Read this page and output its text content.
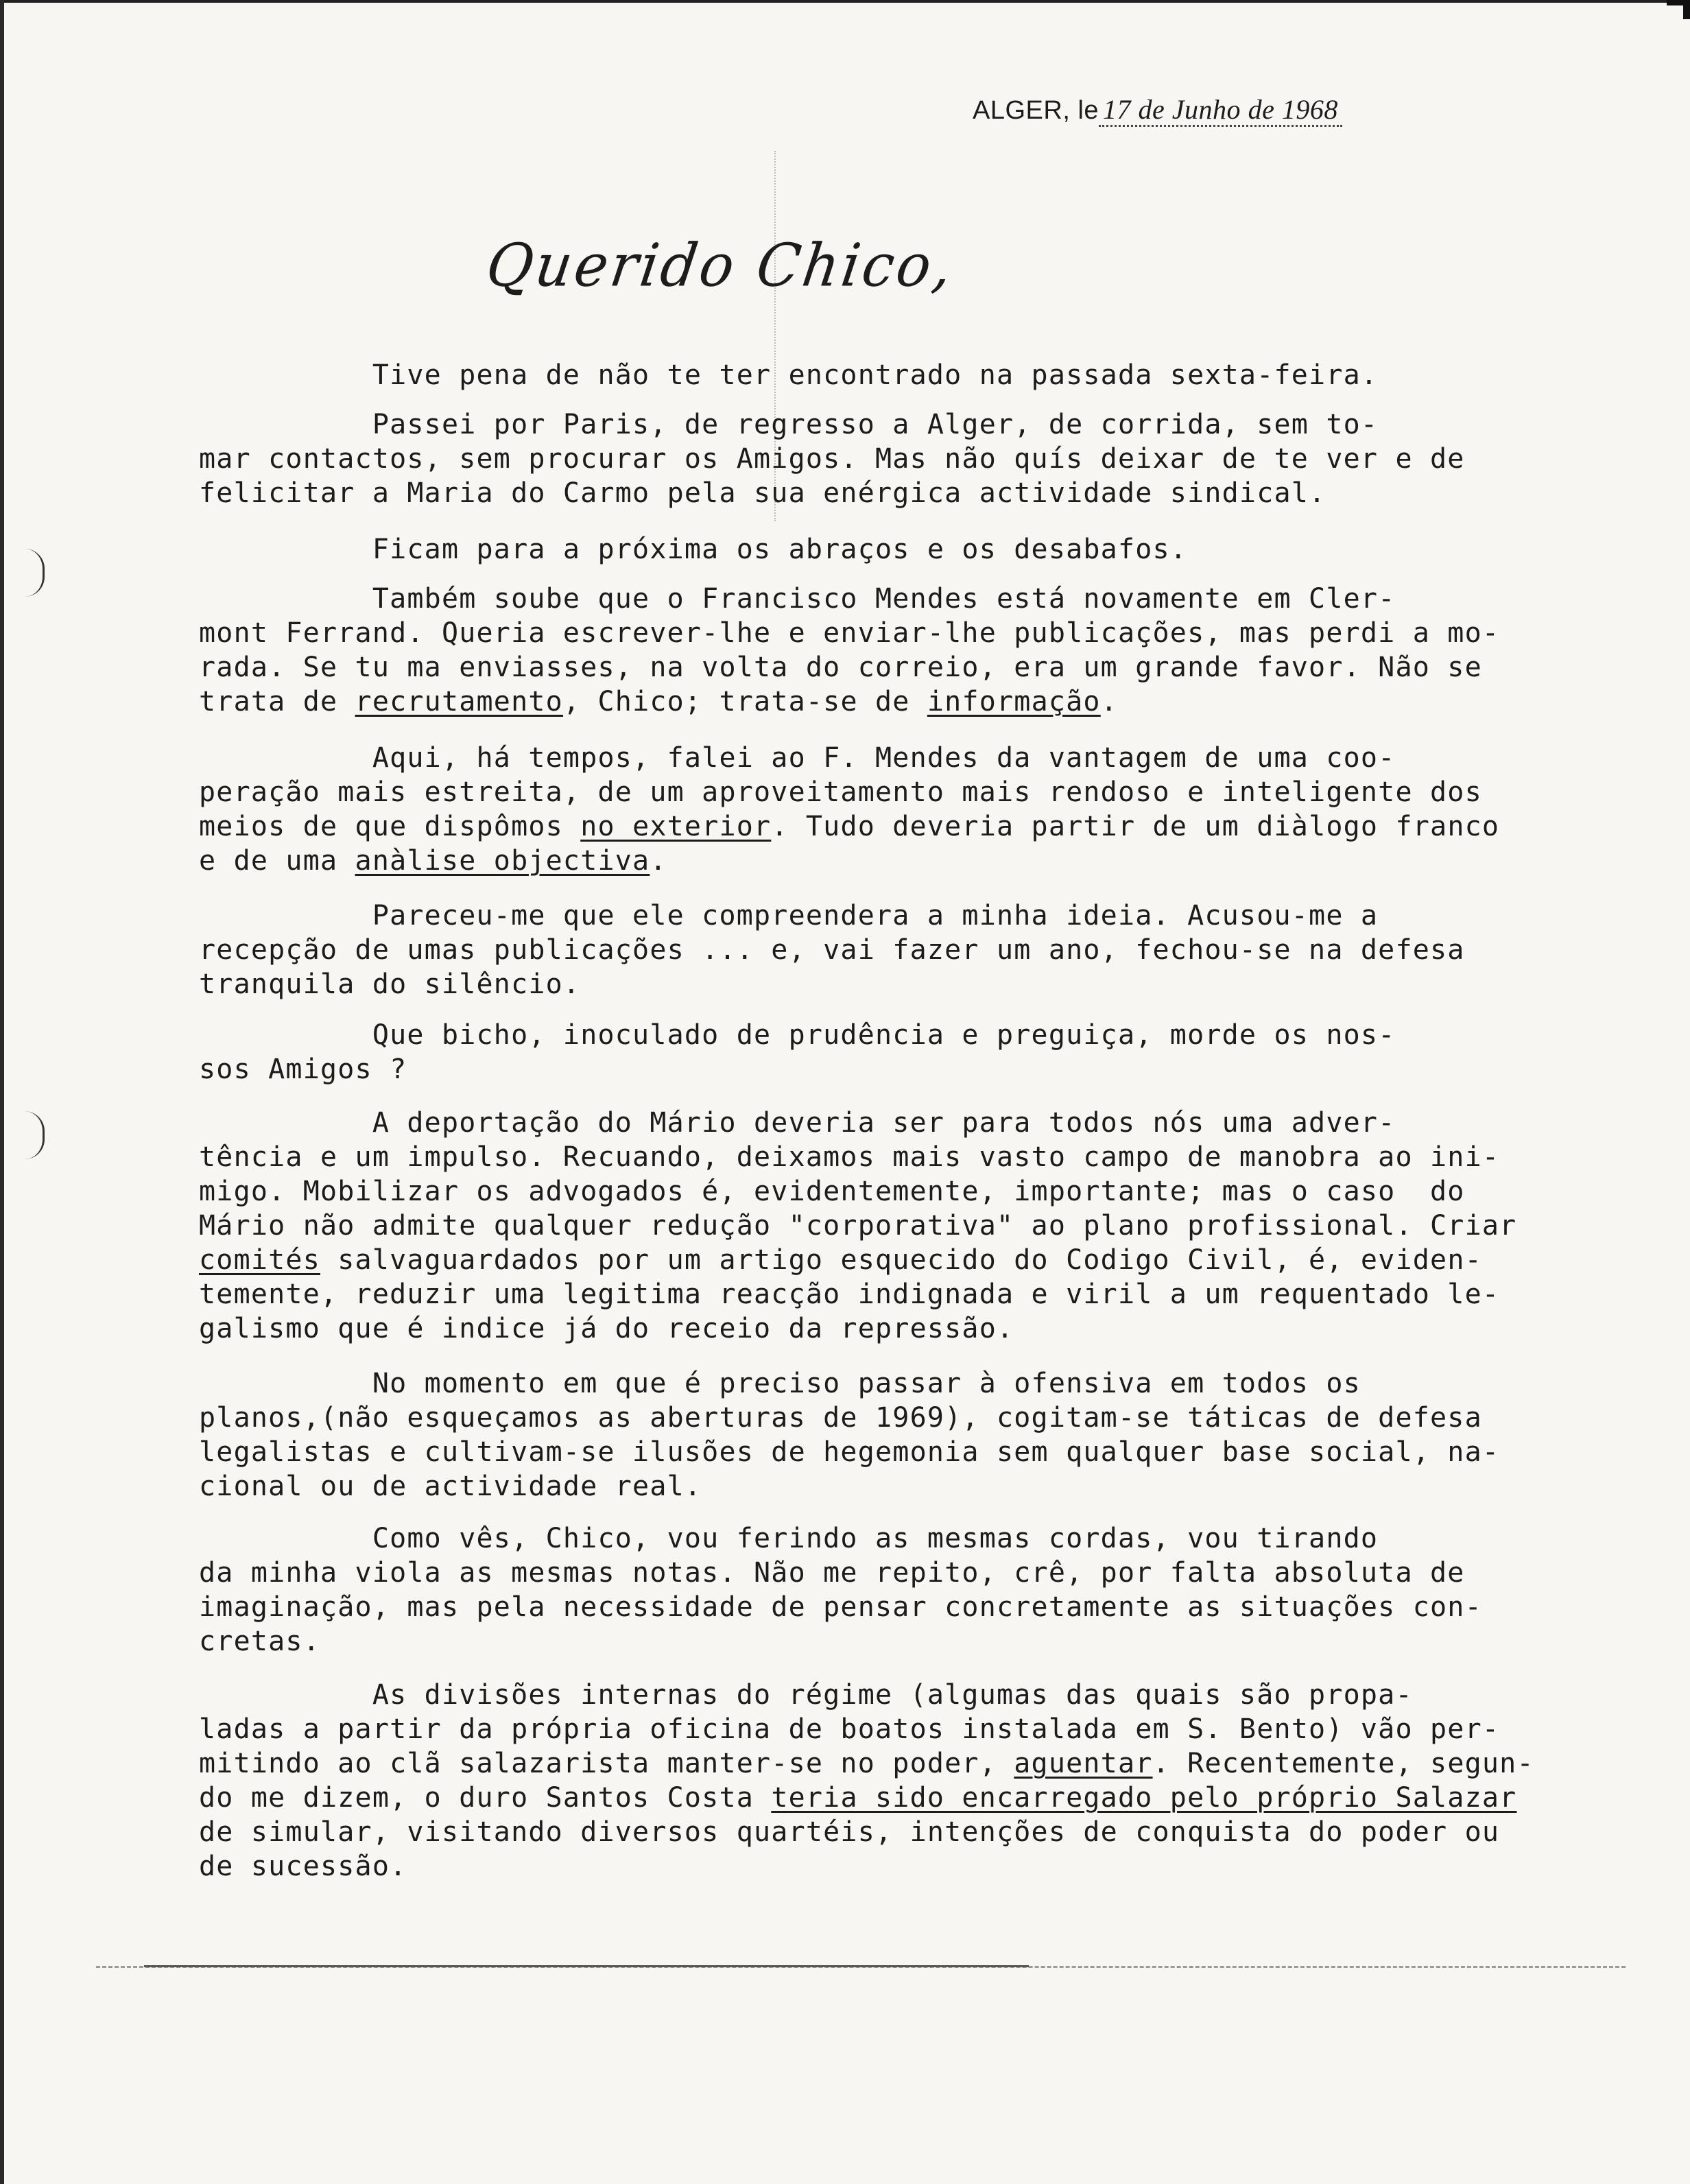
ALGER, le 17 de Junho de 1968
Querido Chico,
Tive pena de não te ter encontrado na passada sexta-feira.
Passei por Paris, de regresso a Alger, de corrida, sem to-
mar contactos, sem procurar os Amigos. Mas não quís deixar de te ver e de
felicitar a Maria do Carmo pela sua enérgica actividade sindical.
Ficam para a próxima os abraços e os desabafos.
Também soube que o Francisco Mendes está novamente em Cler-
mont Ferrand. Queria escrever-lhe e enviar-lhe publicações, mas perdi a mo-
rada. Se tu ma enviasses, na volta do correio, era um grande favor. Não se
trata de recrutamento, Chico; trata-se de informação.
Aqui, há tempos, falei ao F. Mendes da vantagem de uma coo-
peração mais estreita, de um aproveitamento mais rendoso e inteligente dos
meios de que dispômos no exterior. Tudo deveria partir de um diàlogo franco
e de uma anàlise objectiva.
Pareceu-me que ele compreendera a minha ideia. Acusou-me a
recepção de umas publicações ... e, vai fazer um ano, fechou-se na defesa
tranquila do silêncio.
Que bicho, inoculado de prudência e preguiça, morde os nos-
sos Amigos ?
A deportação do Mário deveria ser para todos nós uma adver-
tência e um impulso. Recuando, deixamos mais vasto campo de manobra ao ini-
migo. Mobilizar os advogados é, evidentemente, importante; mas o caso  do
Mário não admite qualquer redução "corporativa" ao plano profissional. Criar
comités salvaguardados por um artigo esquecido do Codigo Civil, é, eviden-
temente, reduzir uma legitima reacção indignada e viril a um requentado le-
galismo que é indice já do receio da repressão.
No momento em que é preciso passar à ofensiva em todos os
planos,(não esqueçamos as aberturas de 1969), cogitam-se táticas de defesa
legalistas e cultivam-se ilusões de hegemonia sem qualquer base social, na-
cional ou de actividade real.
Como vês, Chico, vou ferindo as mesmas cordas, vou tirando
da minha viola as mesmas notas. Não me repito, crê, por falta absoluta de
imaginação, mas pela necessidade de pensar concretamente as situações con-
cretas.
As divisões internas do régime (algumas das quais são propa-
ladas a partir da própria oficina de boatos instalada em S. Bento) vão per-
mitindo ao clã salazarista manter-se no poder, aguentar. Recentemente, segun-
do me dizem, o duro Santos Costa teria sido encarregado pelo próprio Salazar
de simular, visitando diversos quartéis, intenções de conquista do poder ou
de sucessão.
